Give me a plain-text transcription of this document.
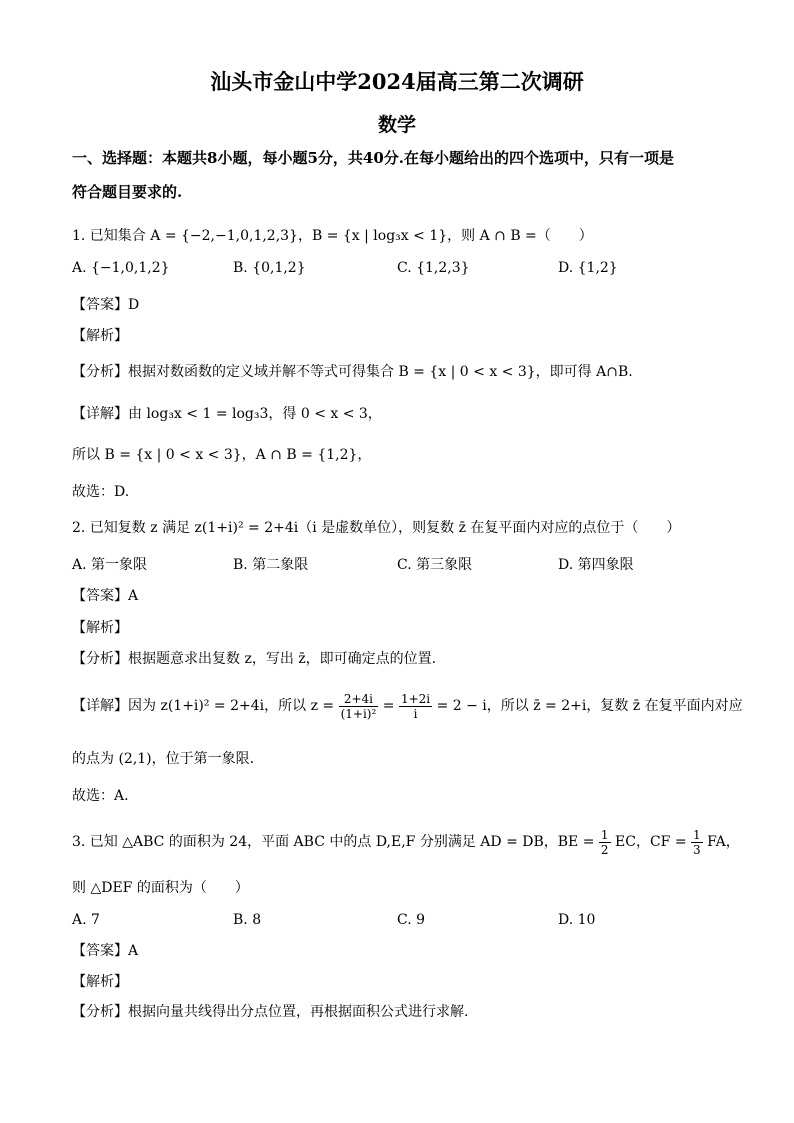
汕头市金山中学2024届高三第二次调研
数学
一、选择题：本题共8小题，每小题5分，共40分.在每小题给出的四个选项中，只有一项是
符合题目要求的.
1. 已知集合 A = {−2,−1,0,1,2,3}，B = {x | log₃x < 1}，则 A ∩ B =（　　）
A. {−1,0,1,2}	B. {0,1,2}	C. {1,2,3}	D. {1,2}
【答案】D
【解析】
【分析】根据对数函数的定义域并解不等式可得集合 B = {x | 0 < x < 3}，即可得 A∩B.
【详解】由 log₃x < 1 = log₃3，得 0 < x < 3，
所以 B = {x | 0 < x < 3}，A ∩ B = {1,2}，
故选：D.
2. 已知复数 z 满足 z(1+i)² = 2+4i（i 是虚数单位），则复数 z̄ 在复平面内对应的点位于（　　）
A. 第一象限	B. 第二象限	C. 第三象限	D. 第四象限
【答案】A
【解析】
【分析】根据题意求出复数 z，写出 z̄，即可确定点的位置.
【详解】因为 z(1+i)² = 2+4i，所以 $z = \frac{2+4i}{\text{(1+i)²}} = \frac{1+2i}{i} = 2 - i$，所以 z̄ = 2+i，复数 z̄ 在复平面内对应
的点为 (2,1)，位于第一象限.
故选：A.
3. 已知 △ABC 的面积为 24，平面 ABC 中的点 D,E,F 分别满足 AD = DB，BE = $\frac{1}{2}$ EC，CF = $\frac{1}{3}$ FA，
则 △DEF 的面积为（　　）
A. 7	B. 8	C. 9	D. 10
【答案】A
【解析】
【分析】根据向量共线得出分点位置，再根据面积公式进行求解.
